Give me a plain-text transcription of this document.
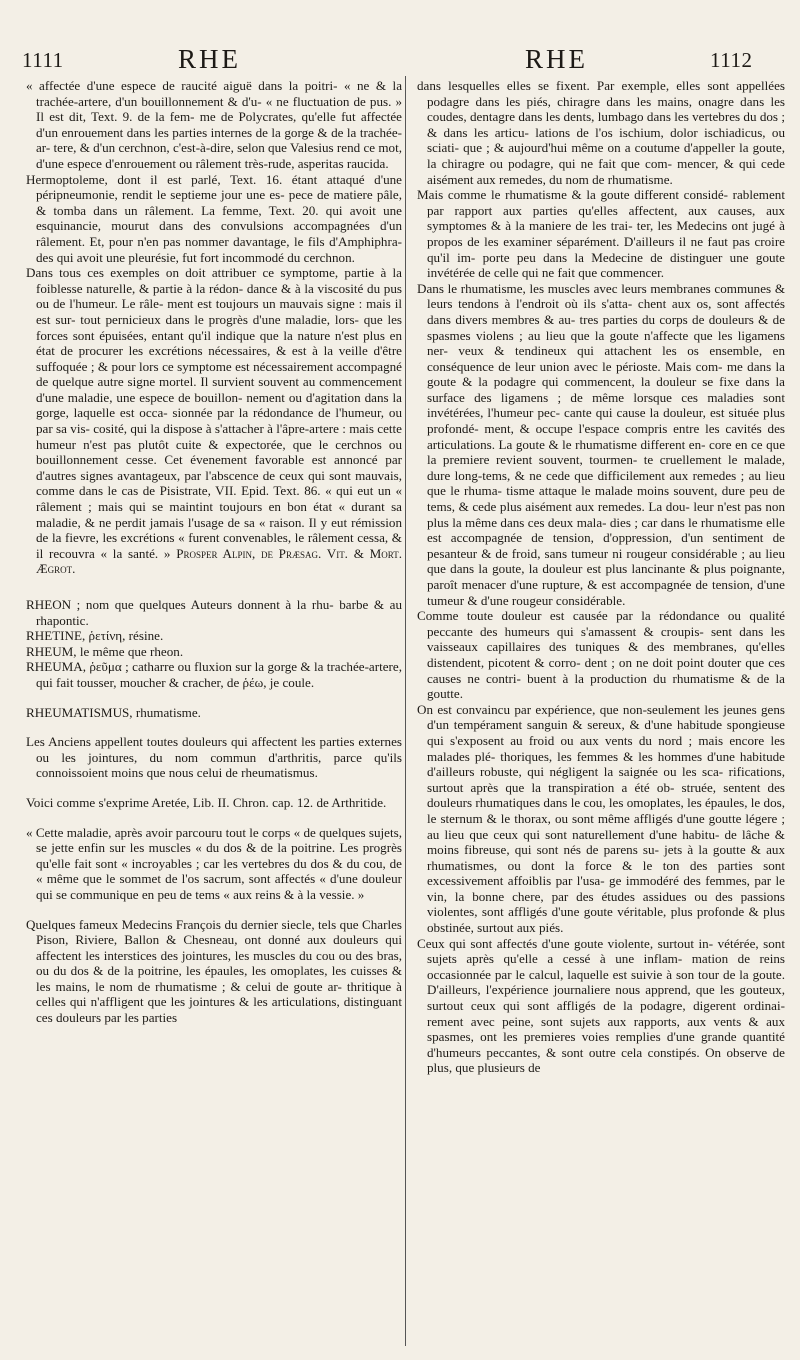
1111	RHE	RHE	1112

« affectée d'une espece de raucité aiguë dans la poitri- « ne & la trachée-artere, d'un bouillonnement & d'u- « ne fluctuation de pus. » Il est dit, Text. 9. de la fem- me de Polycrates, qu'elle fut affectée d'un enrouement dans les parties internes de la gorge & de la trachée-ar- tere, & d'un cerchnon, c'est-à-dire, selon que Valesius rend ce mot, d'une espece d'enrouement ou râlement très-rude, asperitas raucida.

Hermoptoleme, dont il est parlé, Text. 16. étant attaqué d'une péripneumonie, rendit le septieme jour une es- pece de matiere pâle, & tomba dans un râlement. La femme, Text. 20. qui avoit une esquinancie, mourut dans des convulsions accompagnées d'un râlement. Et, pour n'en pas nommer davantage, le fils d'Amphiphra- des qui avoit une pleurésie, fut fort incommodé du cerchnon.

Dans tous ces exemples on doit attribuer ce symptome, partie à la foiblesse naturelle, & partie à la rédon- dance & à la viscosité du pus ou de l'humeur. Le râle- ment est toujours un mauvais signe : mais il est sur- tout pernicieux dans le progrès d'une maladie, lors- que les forces sont épuisées, entant qu'il indique que la nature n'est plus en état de procurer les excrétions nécessaires, & est à la veille d'être suffoquée ; & pour lors ce symptome est nécessairement accompagné de quelque autre signe mortel. Il survient souvent au commencement d'une maladie, une espece de bouillon- nement ou d'agitation dans la gorge, laquelle est occa- sionnée par la rédondance de l'humeur, ou par sa vis- cosité, qui la dispose à s'attacher à l'âpre-artere : mais cette humeur n'est pas plutôt cuite & expectorée, que le cerchnos ou bouillonnement cesse. Cet évenement favorable est annoncé par d'autres signes avantageux, par l'abscence de ceux qui sont mauvais, comme dans le cas de Pisistrate, VII. Epid. Text. 86. « qui eut un « râlement ; mais qui se maintint toujours en bon état « durant sa maladie, & ne perdit jamais l'usage de sa « raison. Il y eut rémission de la fievre, les excrétions « furent convenables, le râlement cessa, & il recouvra « la santé. » Prosper Alpin, de Præsag. Vit. & Mort. Ægrot.

RHEON ; nom que quelques Auteurs donnent à la rhu- barbe & au rhapontic.

RHETINE, ῥετίνη, résine.

RHEUM, le même que rheon.

RHEUMA, ῥεῦμα ; catharre ou fluxion sur la gorge & la trachée-artere, qui fait tousser, moucher & cracher, de ῥέω, je coule.

RHEUMATISMUS, rhumatisme.

Les Anciens appellent toutes douleurs qui affectent les parties externes ou les jointures, du nom commun d'arthritis, parce qu'ils connoissoient moins que nous celui de rheumatismus.

Voici comme s'exprime Aretée, Lib. II. Chron. cap. 12. de Arthritide.

« Cette maladie, après avoir parcouru tout le corps « de quelques sujets, se jette enfin sur les muscles « du dos & de la poitrine. Les progrès qu'elle fait sont « incroyables ; car les vertebres du dos & du cou, de « même que le sommet de l'os sacrum, sont affectés « d'une douleur qui se communique en peu de tems « aux reins & à la vessie. »

Quelques fameux Medecins François du dernier siecle, tels que Charles Pison, Riviere, Ballon & Chesneau, ont donné aux douleurs qui affectent les interstices des jointures, les muscles du cou ou des bras, ou du dos & de la poitrine, les épaules, les omoplates, les cuisses & les mains, le nom de rhumatisme ; & celui de goute ar- thritique à celles qui n'affligent que les jointures & les articulations, distinguant ces douleurs par les parties

dans lesquelles elles se fixent. Par exemple, elles sont appellées podagre dans les piés, chiragre dans les mains, onagre dans les coudes, dentagre dans les dents, lumbago dans les vertebres du dos ; & dans les articu- lations de l'os ischium, dolor ischiadicus, ou sciati- que ; & aujourd'hui même on a coutume d'appeller la goute, la chiragre ou podagre, qui ne fait que com- mencer, & qui cede aisément aux remedes, du nom de rhumatisme.

Mais comme le rhumatisme & la goute different considé- rablement par rapport aux parties qu'elles affectent, aux causes, aux symptomes & à la maniere de les trai- ter, les Medecins ont jugé à propos de les examiner séparément. D'ailleurs il ne faut pas croire qu'il im- porte peu dans la Medecine de distinguer une goute invétérée de celle qui ne fait que commencer.

Dans le rhumatisme, les muscles avec leurs membranes communes & leurs tendons à l'endroit où ils s'atta- chent aux os, sont affectés dans divers membres & au- tres parties du corps de douleurs & de spasmes violens ; au lieu que la goute n'affecte que les ligamens ner- veux & tendineux qui attachent les os ensemble, en conséquence de leur union avec le périoste. Mais com- me dans la goute & la podagre qui commencent, la douleur se fixe dans la surface des ligamens ; de même lorsque ces maladies sont invétérées, l'humeur pec- cante qui cause la douleur, est située plus profondé- ment, & occupe l'espace compris entre les cavités des articulations. La goute & le rhumatisme different en- core en ce que la premiere revient souvent, tourmen- te cruellement le malade, dure long-tems, & ne cede que difficilement aux remedes ; au lieu que le rhuma- tisme attaque le malade moins souvent, dure peu de tems, & cede plus aisément aux remedes. La dou- leur n'est pas non plus la même dans ces deux mala- dies ; car dans le rhumatisme elle est accompagnée de tension, d'oppression, d'un sentiment de pesanteur & de froid, sans tumeur ni rougeur considérable ; au lieu que dans la goute, la douleur est plus lancinante & plus poignante, paroît menacer d'une rupture, & est accompagnée de tension, d'une tumeur & d'une rougeur considérable.

Comme toute douleur est causée par la rédondance ou qualité peccante des humeurs qui s'amassent & croupis- sent dans les vaisseaux capillaires des tuniques & des membranes, qu'elles distendent, picotent & corro- dent ; on ne doit point douter que ces causes ne contri- buent à la production du rhumatisme & de la goutte.

On est convaincu par expérience, que non-seulement les jeunes gens d'un tempérament sanguin & sereux, & d'une habitude spongieuse qui s'exposent au froid ou aux vents du nord ; mais encore les malades plé- thoriques, les femmes & les hommes d'une habitude d'ailleurs robuste, qui négligent la saignée ou les sca- rifications, surtout après que la transpiration a été ob- struée, sentent des douleurs rhumatiques dans le cou, les omoplates, les épaules, le dos, le sternum & le thorax, ou sont même affligés d'une goutte légere ; au lieu que ceux qui sont naturellement d'une habitu- de lâche & moins fibreuse, qui sont nés de parens su- jets à la goutte & aux rhumatismes, ou dont la force & le ton des parties sont excessivement affoiblis par l'usa- ge immodéré des femmes, par le vin, la bonne chere, par des études assidues ou des passions violentes, sont affligés d'une goute véritable, plus profonde & plus obstinée, surtout aux piés.

Ceux qui sont affectés d'une goute violente, surtout in- vétérée, sont sujets après qu'elle a cessé à une inflam- mation de reins occasionnée par le calcul, laquelle est suivie à son tour de la goute. D'ailleurs, l'expérience journaliere nous apprend, que les gouteux, surtout ceux qui sont affligés de la podagre, digerent ordinai- rement avec peine, sont sujets aux rapports, aux vents & aux spasmes, ont les premieres voies remplies d'une grande quantité d'humeurs peccantes, & sont outre cela constipés. On observe de plus, que plusieurs de
